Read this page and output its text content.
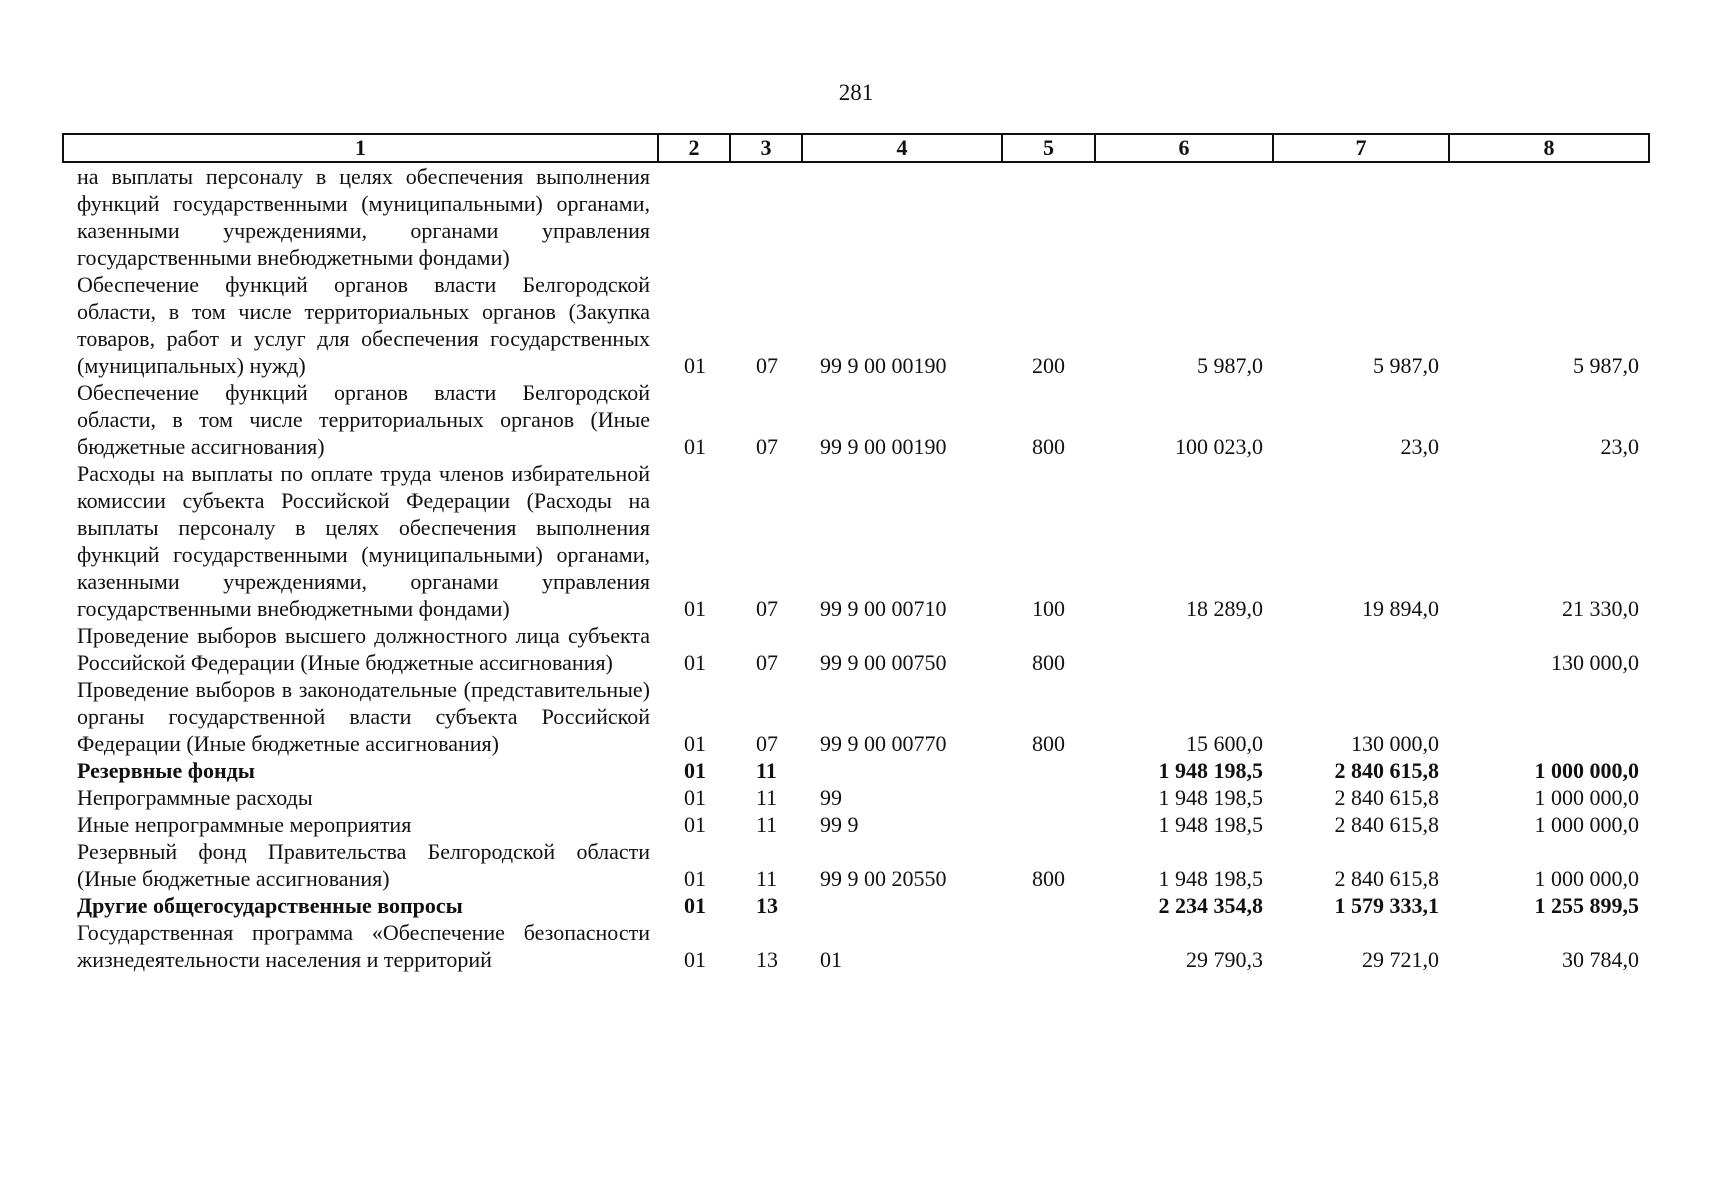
281
1	2	3	4	5	6	7	8
на выплаты персоналу в целях обеспечения выполнения функций государственными (муниципальными) органами, казенными учреждениями, органами управления государственными внебюджетными фондами)							
Обеспечение функций органов власти Белгородской области, в том числе территориальных органов (Закупка товаров, работ и услуг для обеспечения государственных (муниципальных) нужд)	01	07	99 9 00 00190	200	5 987,0	5 987,0	5 987,0
Обеспечение функций органов власти Белгородской области, в том числе территориальных органов (Иные бюджетные ассигнования)	01	07	99 9 00 00190	800	100 023,0	23,0	23,0
Расходы на выплаты по оплате труда членов избирательной комиссии субъекта Российской Федерации (Расходы на выплаты персоналу в целях обеспечения выполнения функций государственными (муниципальными) органами, казенными учреждениями, органами управления государственными внебюджетными фондами)	01	07	99 9 00 00710	100	18 289,0	19 894,0	21 330,0
Проведение выборов высшего должностного лица субъекта Российской Федерации (Иные бюджетные ассигнования)	01	07	99 9 00 00750	800			130 000,0
Проведение выборов в законодательные (представительные) органы государственной власти субъекта Российской Федерации (Иные бюджетные ассигнования)	01	07	99 9 00 00770	800	15 600,0	130 000,0	
Резервные фонды	01	11			1 948 198,5	2 840 615,8	1 000 000,0
Непрограммные расходы	01	11	99		1 948 198,5	2 840 615,8	1 000 000,0
Иные непрограммные мероприятия	01	11	99 9		1 948 198,5	2 840 615,8	1 000 000,0
Резервный фонд Правительства Белгородской области (Иные бюджетные ассигнования)	01	11	99 9 00 20550	800	1 948 198,5	2 840 615,8	1 000 000,0
Другие общегосударственные вопросы	01	13			2 234 354,8	1 579 333,1	1 255 899,5
Государственная программа «Обеспечение безопасности жизнедеятельности населения и территорий	01	13	01		29 790,3	29 721,0	30 784,0
